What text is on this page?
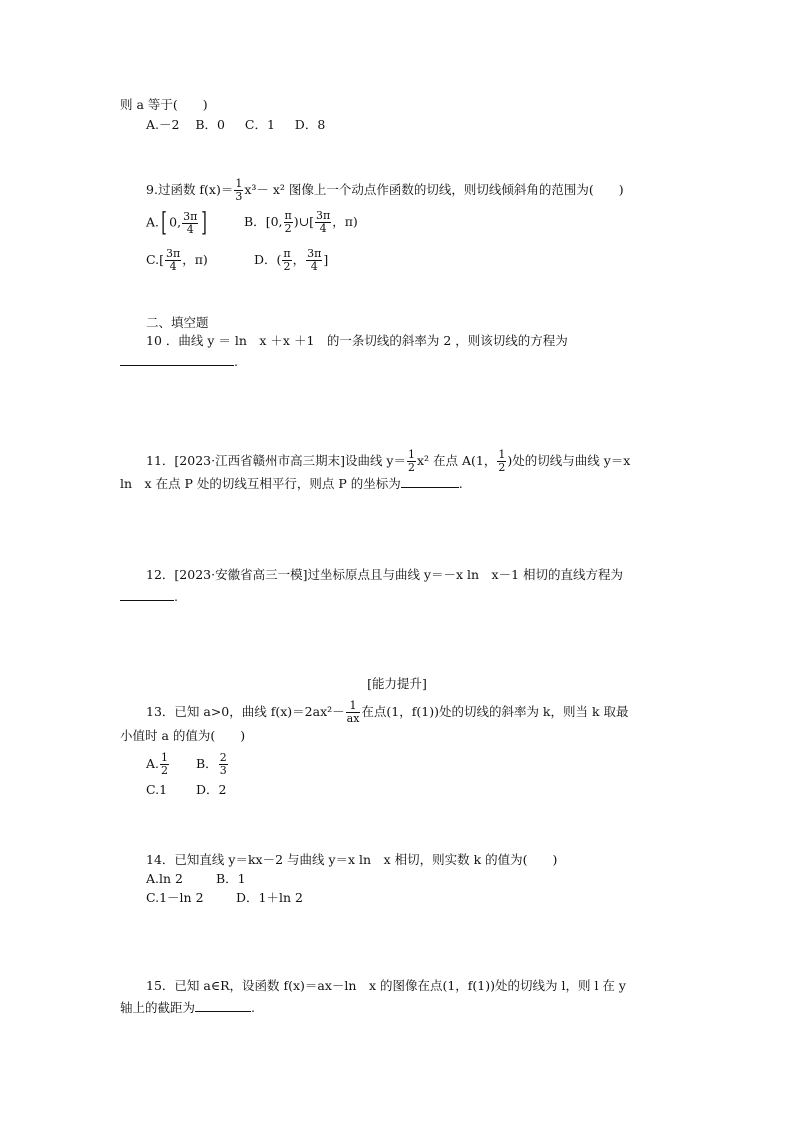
则 a 等于(　　)
A.－2 B．0 C．1 D．8
9.过函数 $f(x)= \frac{1}{3} x^3- x^2$ 图像上一个动点作函数的切线，则切线倾斜角的范围为(　　)
A.[ 0, $\frac{3\pi}{4}$ ]	B．[0, $\frac{\pi}{2}$ )∪[ $\frac{3\pi}{4}$ ，π)
$C.[ \frac{3\pi}{4}$ ，π)	D．( $\frac{\pi}{2}$ ， $\frac{3\pi}{4}$ ]
二、填空题
10 ．曲线 y ＝ ln　x ＋x ＋1　的一条切线的斜率为 2 ，则该切线的方程为
.
11．[2023·江西省赣州市高三期末]设曲线 $y= \frac{1}{2} x^2$ 在点 A(1， $\frac{1}{2}$ )处的切线与曲线 y＝x
ln　x 在点 P 处的切线互相平行，则点 P 的坐标为	.
12．[2023·安徽省高三一模]过坐标原点且与曲线 y＝－x ln　x－1 相切的直线方程为
.
[能力提升]
13．已知 a>0，曲线 $f(x)=2ax^2- \frac{1}{ax}$ 在点(1，f(1))处的切线的斜率为 k，则当 k 取最
小值时 a 的值为(　　)
A. $\frac{1}{2}$ B． $\frac{2}{3}$
C.1 D．2
14．已知直线 y＝kx－2 与曲线 y＝x ln　x 相切，则实数 k 的值为(　　)
A.ln 2	B．1
C.1－ln 2	D．1＋ln 2
15．已知 a∈R，设函数 f(x)＝ax－ln　x 的图像在点(1，f(1))处的切线为 l，则 l 在 y
轴上的截距为	.
